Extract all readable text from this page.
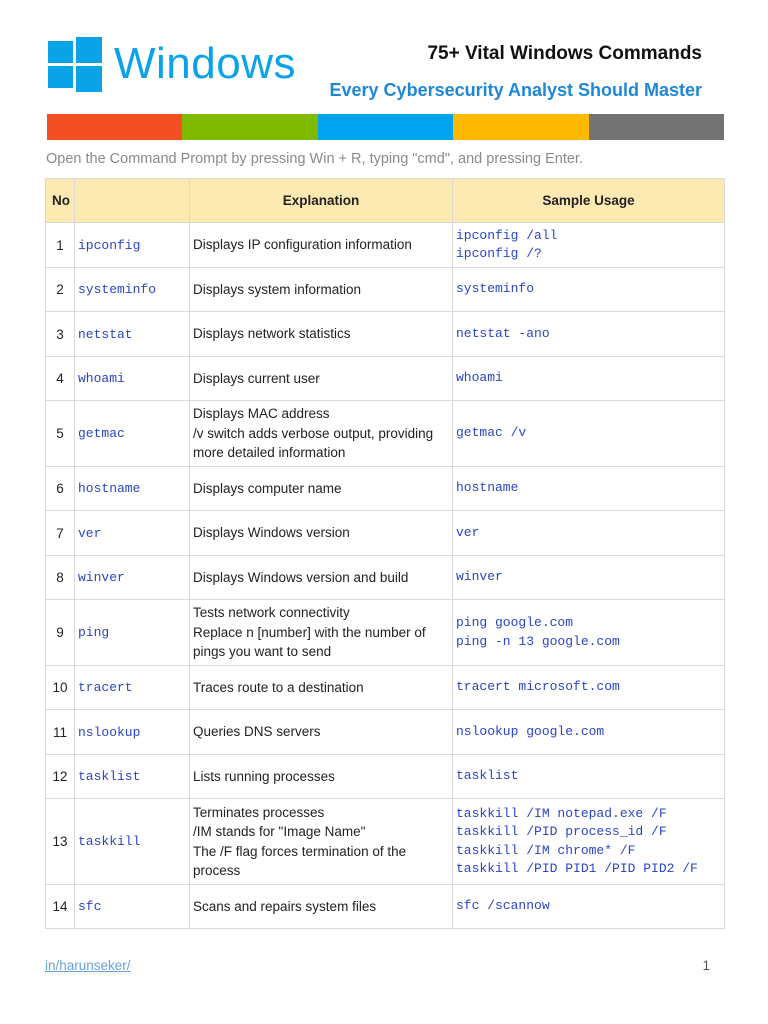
Windows	75+ Vital Windows Commands
Every Cybersecurity Analyst Should Master
Open the Command Prompt by pressing Win + R, typing "cmd", and pressing Enter.
No		Explanation	Sample Usage
1	ipconfig	Displays IP configuration information	ipconfig /all
ipconfig /?

2	systeminfo	Displays system information	systeminfo

3	netstat	Displays network statistics	netstat -ano

4	whoami	Displays current user	whoami

5	getmac	Displays MAC address
/v switch adds verbose output, providing more detailed information	getmac /v

6	hostname	Displays computer name	hostname

7	ver	Displays Windows version	ver

8	winver	Displays Windows version and build	winver

9	ping	Tests network connectivity
Replace n [number] with the number of pings you want to send	ping google.com
ping -n 13 google.com

10	tracert	Traces route to a destination	tracert microsoft.com

11	nslookup	Queries DNS servers	nslookup google.com

12	tasklist	Lists running processes	tasklist

13	taskkill	Terminates processes
/IM stands for "Image Name"
The /F flag forces termination of the process	taskkill /IM notepad.exe /F
taskkill /PID process_id /F
taskkill /IM chrome* /F
taskkill /PID PID1 /PID PID2 /F

14	sfc	Scans and repairs system files	sfc /scannow
in/harunseker/	1
